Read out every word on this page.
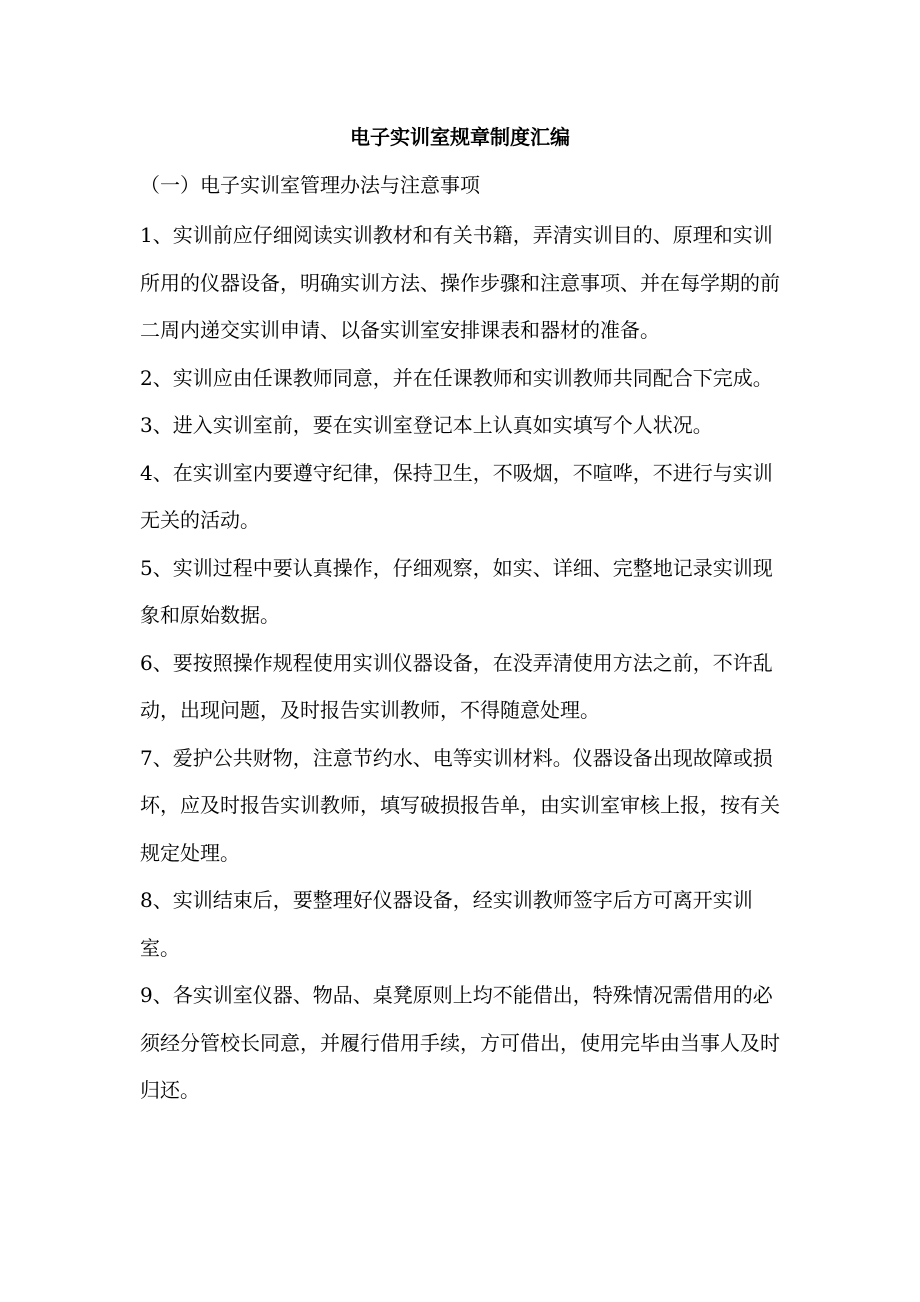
电子实训室规章制度汇编
（一）电子实训室管理办法与注意事项

1、实训前应仔细阅读实训教材和有关书籍，弄清实训目的、原理和实训所用的仪器设备，明确实训方法、操作步骤和注意事项、并在每学期的前二周内递交实训申请、以备实训室安排课表和器材的准备。

2、实训应由任课教师同意，并在任课教师和实训教师共同配合下完成。

3、进入实训室前，要在实训室登记本上认真如实填写个人状况。

4、在实训室内要遵守纪律，保持卫生，不吸烟，不喧哗，不进行与实训无关的活动。

5、实训过程中要认真操作，仔细观察，如实、详细、完整地记录实训现象和原始数据。

6、要按照操作规程使用实训仪器设备，在没弄清使用方法之前，不许乱动，出现问题，及时报告实训教师，不得随意处理。

7、爱护公共财物，注意节约水、电等实训材料。仪器设备出现故障或损坏，应及时报告实训教师，填写破损报告单，由实训室审核上报，按有关规定处理。

8、实训结束后，要整理好仪器设备，经实训教师签字后方可离开实训室。

9、各实训室仪器、物品、桌凳原则上均不能借出，特殊情况需借用的必须经分管校长同意，并履行借用手续，方可借出，使用完毕由当事人及时归还。
